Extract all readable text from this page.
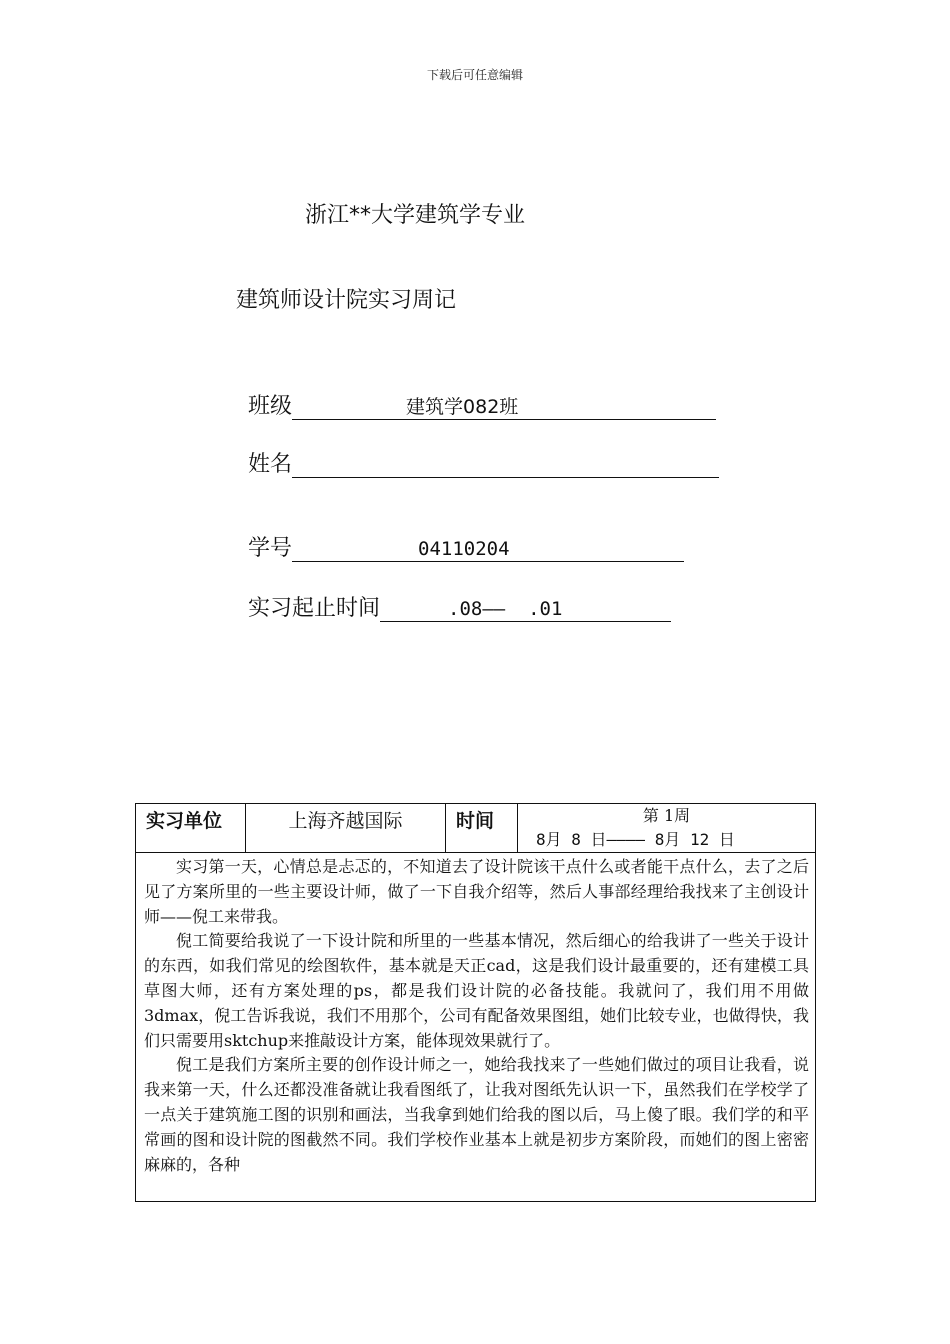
下载后可任意编辑
浙江**大学建筑学专业
建筑师设计院实习周记
班级	建筑学082班
姓名
学号	04110204
实习起止时间	.08——  .01
实习单位	上海齐越国际	时间	第 1周
8月 8 日———— 8月 12 日

实习第一天，心情总是忐忑的，不知道去了设计院该干点什么或者能干点什么，去了之后见了方案所里的一些主要设计师，做了一下自我介绍等，然后人事部经理给我找来了主创设计师——倪工来带我。

倪工简要给我说了一下设计院和所里的一些基本情况，然后细心的给我讲了一些关于设计的东西，如我们常见的绘图软件，基本就是天正cad，这是我们设计最重要的，还有建模工具草图大师，还有方案处理的ps，都是我们设计院的必备技能。我就问了，我们用不用做3dmax，倪工告诉我说，我们不用那个，公司有配备效果图组，她们比较专业，也做得快，我们只需要用sktchup来推敲设计方案，能体现效果就行了。

倪工是我们方案所主要的创作设计师之一，她给我找来了一些她们做过的项目让我看，说我来第一天，什么还都没准备就让我看图纸了，让我对图纸先认识一下，虽然我们在学校学了一点关于建筑施工图的识别和画法，当我拿到她们给我的图以后，马上傻了眼。我们学的和平常画的图和设计院的图截然不同。我们学校作业基本上就是初步方案阶段，而她们的图上密密麻麻的，各种
